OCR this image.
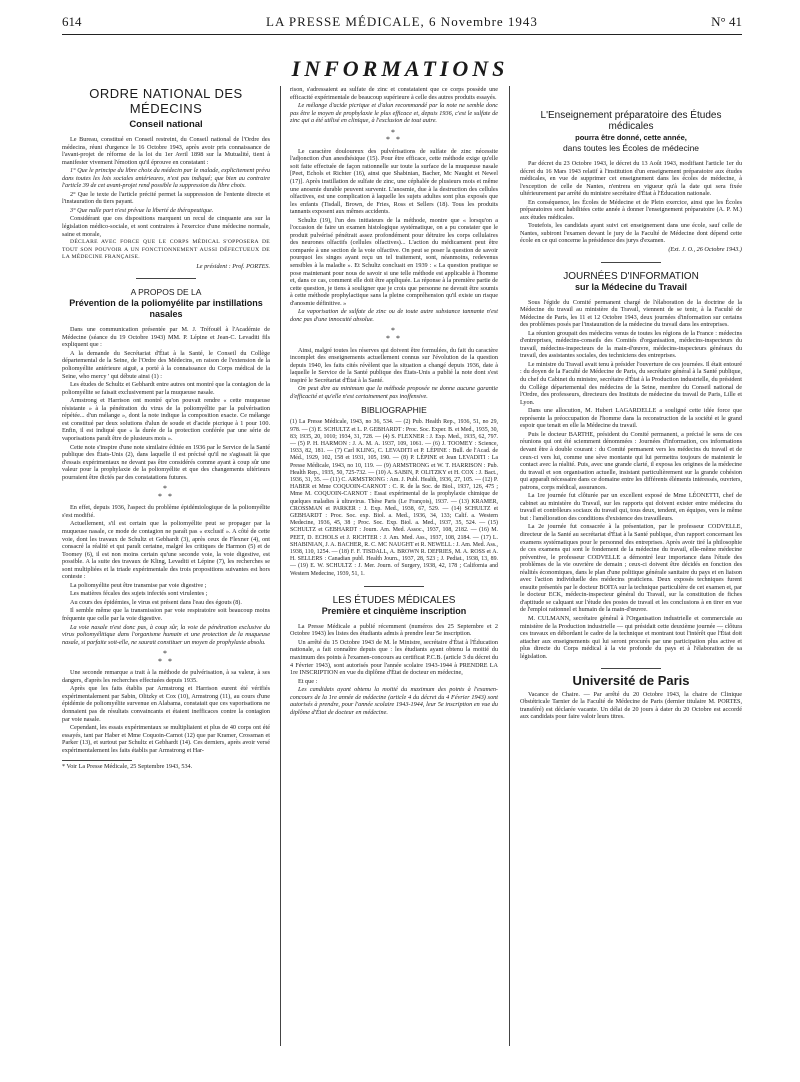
614	LA PRESSE MÉDICALE, 6 Novembre 1943	N° 41
INFORMATIONS
ORDRE NATIONAL DES MÉDECINS
Conseil national

Le Bureau, constitué en Conseil restreint, du Conseil national de l'Ordre des médecins, réuni d'urgence le 16 Octobre 1943, après avoir pris connaissance de l'avant-projet de réforme de la loi du 1er Avril 1898 sur la Mutualité, tient à manifester vivement l'émotion qu'il éprouve en constatant :

1° Que le principe du libre choix du médecin par le malade, explicitement prévu dans toutes les lois sociales antérieures, n'est pas indiqué; que bien au contraire l'article 39 de cet avant-projet rend possible la suppression du libre choix.

2° Que le texte de l'article précité permet la suppression de l'entente directe et l'instauration du tiers payant.

3° Que nulle part n'est prévue la liberté de thérapeutique.

Considérant que ces dispositions marquent un recul de cinquante ans sur la législation médico-sociale, et sont contraires à l'exercice d'une médecine normale, saine et morale,

DÉCLARE AVEC FORCE QUE LE CORPS MÉDICAL S'OPPOSERA DE TOUT SON POUVOIR A UN FONCTIONNEMENT AUSSI DÉFECTUEUX DE LA MÉDECINE FRANÇAISE.

Le président : Prof. PORTES.

A PROPOS DE LA
Prévention de la poliomyélite par instillations nasales

Dans une communication présentée par M. J. Tréfouël à l'Académie de Médecine (séance du 19 Octobre 1943) MM. P. Lépine et Jean-C. Levaditi fils expliquent que :

A la demande du Secrétariat d'État à la Santé, le Conseil du Collège départemental de la Seine, de l'Ordre des Médecins, en raison de l'extension de la poliomyélite antérieure aiguë, a porté à la connaissance du Corps médical de la Seine, who mercy ' qui débute ainsi (1) :

Les études de Schultz et Gebhardt entre autres ont montré que la contagion de la poliomyélite se faisait exclusivement par la muqueuse nasale.

Armstrong et Harrison ont montré qu'on pouvait rendre « cette muqueuse résistante » à la pénétration du virus de la poliomyélite par la pulvérisation répétée... d'un mélange », dont la note indique la composition exacte. Ce mélange est constitué par deux solutions d'alun de soude et d'acide picrique à 1 pour 100. Enfin, il est indiqué que « la durée de la protection conférée par une série de vaporisations paraît être de plusieurs mois ».

Cette note s'inspire d'une note similaire éditée en 1936 par le Service de la Santé publique des États-Unis (2), dans laquelle il est précisé qu'il ne s'agissait là que d'essais expérimentaux ne devant pas être considérés comme ayant à coup sûr une valeur pour la prophylaxie de la poliomyélite et que des changements ultérieurs pourraient être dictés par des constatations futures.

*
* *

En effet, depuis 1936, l'aspect du problème épidémiologique de la poliomyélite s'est modifié.

Actuellement, s'il est certain que la poliomyélite peut se propager par la muqueuse nasale, ce mode de contagion ne paraît pas « exclusif ». A côté de cette voie, dont les travaux de Schultz et Gebhardt (3), après ceux de Flexner (4), ont consacré la réalité et qui paraît certaine, malgré les critiques de Harmon (5) et de Toomey (6), il est non moins certain qu'une seconde voie, la voie digestive, est possible. A la suite des travaux de Kling, Levaditi et Lépine (7), les recherches se sont multipliées et la triade expérimentale des trois propositions suivantes est hors conteste :

La poliomyélite peut être transmise par voie digestive ;

Les matières fécales des sujets infectés sont virulentes ;

Au cours des épidémies, le virus est présent dans l'eau des égouts (8).

Il semble même que la transmission par voie respiratoire soit beaucoup moins fréquente que celle par la voie digestive.

La voie nasale n'est donc pas, à coup sûr, la voie de pénétration exclusive du virus poliomyélitique dans l'organisme humain et une protection de la muqueuse nasale, si parfaite soit-elle, ne saurait constituer un moyen de prophylaxie absolu.

*
* *

Une seconde remarque a trait à la méthode de pulvérisation, à sa valeur, à ses dangers, d'après les recherches effectuées depuis 1935.

Après que les faits établis par Armstrong et Harrison eurent été vérifiés expérimentalement par Sabin, Olitzky et Cox (10), Armstrong (11), au cours d'une épidémie de poliomyélite survenue en Alabama, constatait que ces vaporisations ne donnaient pas de résultats convaincants et étaient inefficaces contre la contagion par voie nasale.

Cependant, les essais expérimentaux se multipliaient et plus de 40 corps ont été essayés, tant par Haber et Mme Coquoin-Carnot (12) que par Kramer, Crossman et Parker (13), et surtout par Schultz et Gebhardt (14). Ces derniers, après avoir versé expérimentalement les faits établis par Armstrong et Har-

* Voir La Presse Médicale, 25 Septembre 1943, 534.

rison, s'adressaient au sulfate de zinc et constataient que ce corps possède une efficacité expérimentale de beaucoup supérieure à celle des autres produits essayés.

Le mélange d'acide picrique et d'alun recommandé par la note ne semble donc pas être le moyen de prophylaxie le plus efficace et, depuis 1936, c'est le sulfate de zinc qui a été utilisé en clinique, à l'exclusion de tout autre.

*
* *

Le caractère douloureux des pulvérisations de sulfate de zinc nécessite l'adjonction d'un anesthésique (15). Pour être efficace, cette méthode exige qu'elle soit faite effectuée de façon rationnelle sur toute la surface de la muqueuse nasale [Peet, Echols et Richter (16), ainsi que Shabinian, Bacher, Mc Naught et Newel (17)]. Après instillation de sulfate de zinc, une céphalée de plusieurs mois et même une anosmie durable peuvent survenir. L'anosmie, due à la destruction des cellules olfactives, est une complication à laquelle les sujets adultes sont plus exposés que les enfants (Tisdall, Brown, de Fries, Ross et Sellers (18). Tous les produits tannants exposent aux mêmes accidents.

Schultz (19), l'un des initiateurs de la méthode, montre que « lorsqu'on a l'occasion de faire un examen histologique systématique, on a pu constater que le produit pulvérisé pénétrait assez profondément pour détruire les corps cellulaires des neurones olfactifs (cellules olfactives)... L'action du médicament peut être comparée à une section de la voie olfactive. On peut se poser la question de savoir pourquoi les singes ayant reçu un tel traitement, sont, néanmoins, redevenus sensibles à la maladie ». Et Schultz concluait en 1939 : « La question pratique se pose maintenant pour nous de savoir si une telle méthode est applicable à l'homme et, dans ce cas, comment elle doit être appliquée. La réponse à la première partie de cette question, je tiens à souligner que je crois que personne ne devrait être soumis à cette méthode prophylactique sans la pleine compréhension qu'il existe un risque d'anosmie définitive. »

La vaporisation de sulfate de zinc ou de toute autre substance tannante n'est donc pas d'une innocuité absolue.

*
* *

Ainsi, malgré toutes les réserves qui doivent être formulées, du fait du caractère incomplet des enseignements actuellement connus sur l'évolution de la question depuis 1940, les faits cités révèlent que la situation a changé depuis 1936, date à laquelle le Service de la Santé publique des États-Unis a publié la note dont s'est inspiré le Secrétariat d'État à la Santé.

On peut dire au minimum que la méthode proposée ne donne aucune garantie d'efficacité et qu'elle n'est certainement pas inoffensive.

BIBLIOGRAPHIE

(1) La Presse Médicale, 1943, no 36, 534. — (2) Pub. Health Rep., 1936, 51, no 29, 978. — (3) E. SCHULTZ et L. P. GEBHARDT : Proc. Soc. Exper. B. et Med., 1935, 30, 83; 1935, 20, 1010; 1934, 31, 728. — (4) S. FLEXNER : J. Exp. Med., 1935, 62, 797. — (5) P. H. HARMON : J. A. M. A. 1937, 109, 1061. — (6) J. TOOMEY : Science, 1933, 82, 181. — (7) Carl KLING, C. LEVADITI et P. LÉPINE : Bull. de l'Acad. de Méd., 1929, 102, 158 et 1931, 105, 190. — (8) P. LÉPINE et Jean LEVADITI : La Presse Médicale, 1943, no 10, 119. — (9) ARMSTRONG et W. T. HARRISON : Pub. Health Rep., 1935, 50, 725-732. — (10) A. SABIN, P. OLITZKY et H. COX : J. Bact., 1936, 31, 35. — (11) C. ARMSTRONG : Am. J. Publ. Health, 1936, 27, 105. — (12) P. HABER et Mme COQUOIN-CARNOT : C. R. de la Soc. de Biol., 1937, 126, 475 ; Mme M. COQUOIN-CARNOT : Essai expérimental de la prophylaxie chimique de quelques maladies à ultravirus. Thèse Paris (Le François), 1937. — (13) KRAMER, CROSSMAN et PARKER : J. Exp. Med., 1938, 67, 529. — (14) SCHULTZ et GEBHARDT : Proc. Soc. exp. Biol. a. Med., 1936, 34, 133; Calif. a. Western Medecine, 1936, 45, 38 ; Proc. Soc. Exp. Biol. a. Med., 1937, 35, 524. — (15) SCHULTZ et GEBHARDT : Journ. Am. Med. Assoc., 1937, 108, 2182. — (16) M. PEET, D. ECHOLS et J. RICHTER : J. Am. Med. Ass., 1937, 108, 2184. — (17) L. SHABINIAN, J. A. BACHER, R. C. MC NAUGHT et R. NEWELL : J. Am. Med. Ass., 1938, 110, 1254. — (18) F. F. TISDALL, A. BROWN R. DEFRIES, M. A. ROSS et A. H. SELLERS : Canadian publ. Health Journ., 1937, 28, 523 ; J. Pediat., 1938, 13, 89. — (19) E. W. SCHULTZ : J. Mer. Journ. of Surgery, 1938, 42, 178 ; California and Western Medecine, 1939, 51, 1.

LES ÉTUDES MÉDICALES
Première et cinquième inscription

La Presse Médicale a publié récemment (numéros des 25 Septembre et 2 Octobre 1943) les listes des étudiants admis à prendre leur 5e inscription.

Un arrêté du 15 Octobre 1943 de M. le Ministre, secrétaire d'État à l'Éducation nationale, a fait connaître depuis que : les étudiants ayant obtenu la moitié du maximum des points à l'examen-concours au certificat P.C.B. (article 3 du décret du 4 Février 1943), sont autorisés pour l'année scolaire 1943-1944 à PRENDRE LA 1re INSCRIPTION en vue du diplôme d'État de docteur en médecine,

Et que :

Les candidats ayant obtenu la moitié du maximum des points à l'examen-concours de la 1re année de médecine (article 4 du décret du 4 Février 1943) sont autorisés à prendre, pour l'année scolaire 1943-1944, leur 5e inscription en vue du diplôme d'État de docteur en médecine.

L'Enseignement préparatoire des Études médicales
pourra être donné, cette année,
dans toutes les Écoles de médecine

Par décret du 23 Octobre 1943, le décret du 13 Août 1943, modifiant l'article 1er du décret du 16 Mars 1943 relatif à l'institution d'un enseignement préparatoire aux études médicales, en vue de supprimer cet enseignement dans les écoles de médecine, à l'exception de celle de Nantes, n'entrera en vigueur qu'à la date qui sera fixée ultérieurement par arrêté du ministre secrétaire d'État à l'Éducation nationale.

En conséquence, les Écoles de Médecine et de Plein exercice, ainsi que les Écoles préparatoires sont habilitées cette année à donner l'enseignement préparatoire (A. P. M.) aux études médicales.

Toutefois, les candidats ayant suivi cet enseignement dans une école, sauf celle de Nantes, subiront l'examen devant le jury de la Faculté de Médecine dont dépend cette école en ce qui concerne la présidence des jurys d'examen.

(Ext. J. O., 26 Octobre 1943.)

JOURNÉES D'INFORMATION
sur la Médecine du Travail

Sous l'égide du Comité permanent chargé de l'élaboration de la doctrine de la Médecine du travail au ministère du Travail, viennent de se tenir, à la Faculté de Médecine de Paris, les 11 et 12 Octobre 1943, deux journées d'information sur certains des problèmes posés par l'instauration de la médecine du travail dans les entreprises.

La réunion groupait des médecins venus de toutes les régions de la France : médecins d'entreprises, médecins-conseils des Comités d'organisation, médecins-inspecteurs du travail, médecins-inspecteurs de la main-d'œuvre, médecins-inspecteurs généraux du travail, des assistantes sociales, des techniciens des entreprises.

Le ministre du Travail avait tenu à présider l'ouverture de ces journées. Il était entouré : du doyen de la Faculté de Médecine de Paris, du secrétaire général à la Santé publique, du chef du Cabinet du ministre, secrétaire d'État à la Production industrielle, du président du Collège départemental des médecins de la Seine, membre du Conseil national de l'Ordre, des professeurs, directeurs des Instituts de médecine du travail de Paris, Lille et Lyon.

Dans une allocution, M. Hubert LAGARDELLE a souligné cette idée force que représente la préoccupation de l'homme dans la reconstruction de la société et le grand espoir que tenait en elle la Médecine du travail.

Puis le docteur BARTHE, président du Comité permanent, a précisé le sens de ces réunions qui ont été sciemment dénommées : Journées d'information, ces informations devant être à double courant : du Comité permanent vers les médecins du travail et de ceux-ci vers lui, comme une sève montante qui lui permettra toujours de maintenir le contact avec la réalité. Puis, avec une grande clarté, il exposa les origines de la médecine du travail et son organisation actuelle, insistant particulièrement sur la grande cohésion qui apparaît nécessaire dans ce domaine entre les différents éléments intéressés, ouvriers, patrons, corps médical, assurances.

La 1re journée fut clôturée par un excellent exposé de Mme LÉONETTI, chef de cabinet au ministère du Travail, sur les rapports qui doivent exister entre médecins du travail et contrôleurs sociaux du travail qui, tous deux, tendent, en équipes, vers le même but : l'amélioration des conditions d'existence des travailleurs.

La 2e journée fut consacrée à la présentation, par le professeur CODVELLE, directeur de la Santé au secrétariat d'État à la Santé publique, d'un rapport concernant les examens systématiques pour le personnel des entreprises. Après avoir tiré la philosophie de ces examens qui sont le fondement de la médecine du travail, elle-même médecine préventive, le professeur CODVELLE a démontré leur importance dans l'étude des problèmes de la vie ouvrière de demain ; ceux-ci doivent être décidés en fonction des réalités économiques, dans le plan d'une politique générale sanitaire du pays et en liaison avec l'action individuelle des médecins praticiens. Deux exposés techniques furent ensuite présentés par le docteur BOITA sur la technique particulière de cet examen et, par le docteur ECK, médecin-inspecteur général du Travail, sur la constitution de fiches d'aptitude se calquant sur l'étude des postes de travail et les conclusions à en tirer en vue de l'emploi rationnel et humain de la main-d'œuvre.

M. CULMANN, secrétaire général à l'Organisation industrielle et commerciale au ministère de la Production industrielle — qui présidait cette deuxième journée — clôtura ces travaux en débordant le cadre de la technique et montrant tout l'intérêt que l'État doit attacher aux enseignements qui lui seront procurés par une participation plus active et plus directe du Corps médical à la vie profonde du pays et à l'élaboration de sa législation.

Université de Paris

Vacance de Chaire. — Par arrêté du 20 Octobre 1943, la chaire de Clinique Obstétricale Tarnier de la Faculté de Médecine de Paris (dernier titulaire M. PORTES, transféré) est déclarée vacante. Un délai de 20 jours à dater du 20 Octobre est accordé aux candidats pour faire valoir leurs titres.
